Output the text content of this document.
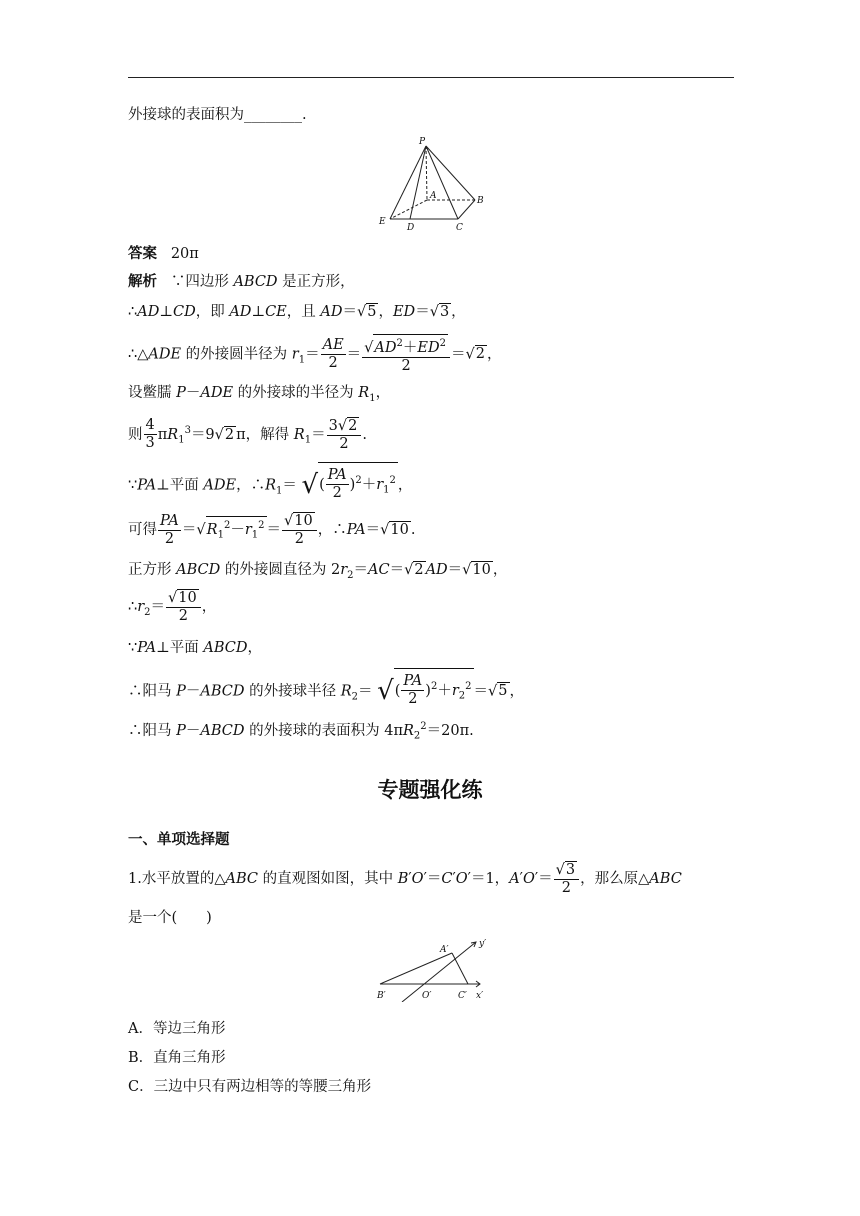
外接球的表面积为________.
P
A	B
C
D
E
答案 20π
解析   ∵四边形 ABCD 是正方形，
∴AD⊥CD，即 AD⊥CE，且 AD＝√5 ，ED＝√3 ，
∴△ADE 的外接圆半径为 $r_1= \frac{AE}{2} = \frac{√AD^2+ED^2}{2} =√2$ ，
设鳖臑 P－ADE 的外接球的半径为 $R_1$，
则 $\frac{4}{3} \pi R_1^3=9√2$ π，解得 $R_1= \frac{3√2}{2}$ .
∵PA⊥平面 ADE，$\therefore R_1=$ √( $\frac{PA}{2} )^2+r_1^2$ ，
可得 $\frac{PA}{2} =√R_1^2-r_1^2 = \frac{√10}{2}$ ，∴PA＝√10 .
正方形 ABCD 的外接圆直径为 $2r_2=AC=√2$ AD＝√10 ，
$\therefore r_2= \frac{√10}{2}$ ，
∵PA⊥平面 ABCD，
∴阳马 P－ABCD 的外接球半径 $R_2=$ √( $\frac{PA}{2} )^2+r_2^2 =√5$ ，
∴阳马 P－ABCD 的外接球的表面积为 $4\pi R_2^2=20\pi$.
专题强化练
一、单项选择题
1.水平放置的△ABC 的直观图如图，其中 B′O′＝C′O′＝1，$A'O'= \frac{√3}{2}$ ，那么原△ABC
是一个(　　)
A′
y′
B′	O′	C′ x′
A．等边三角形
B．直角三角形
C．三边中只有两边相等的等腰三角形
